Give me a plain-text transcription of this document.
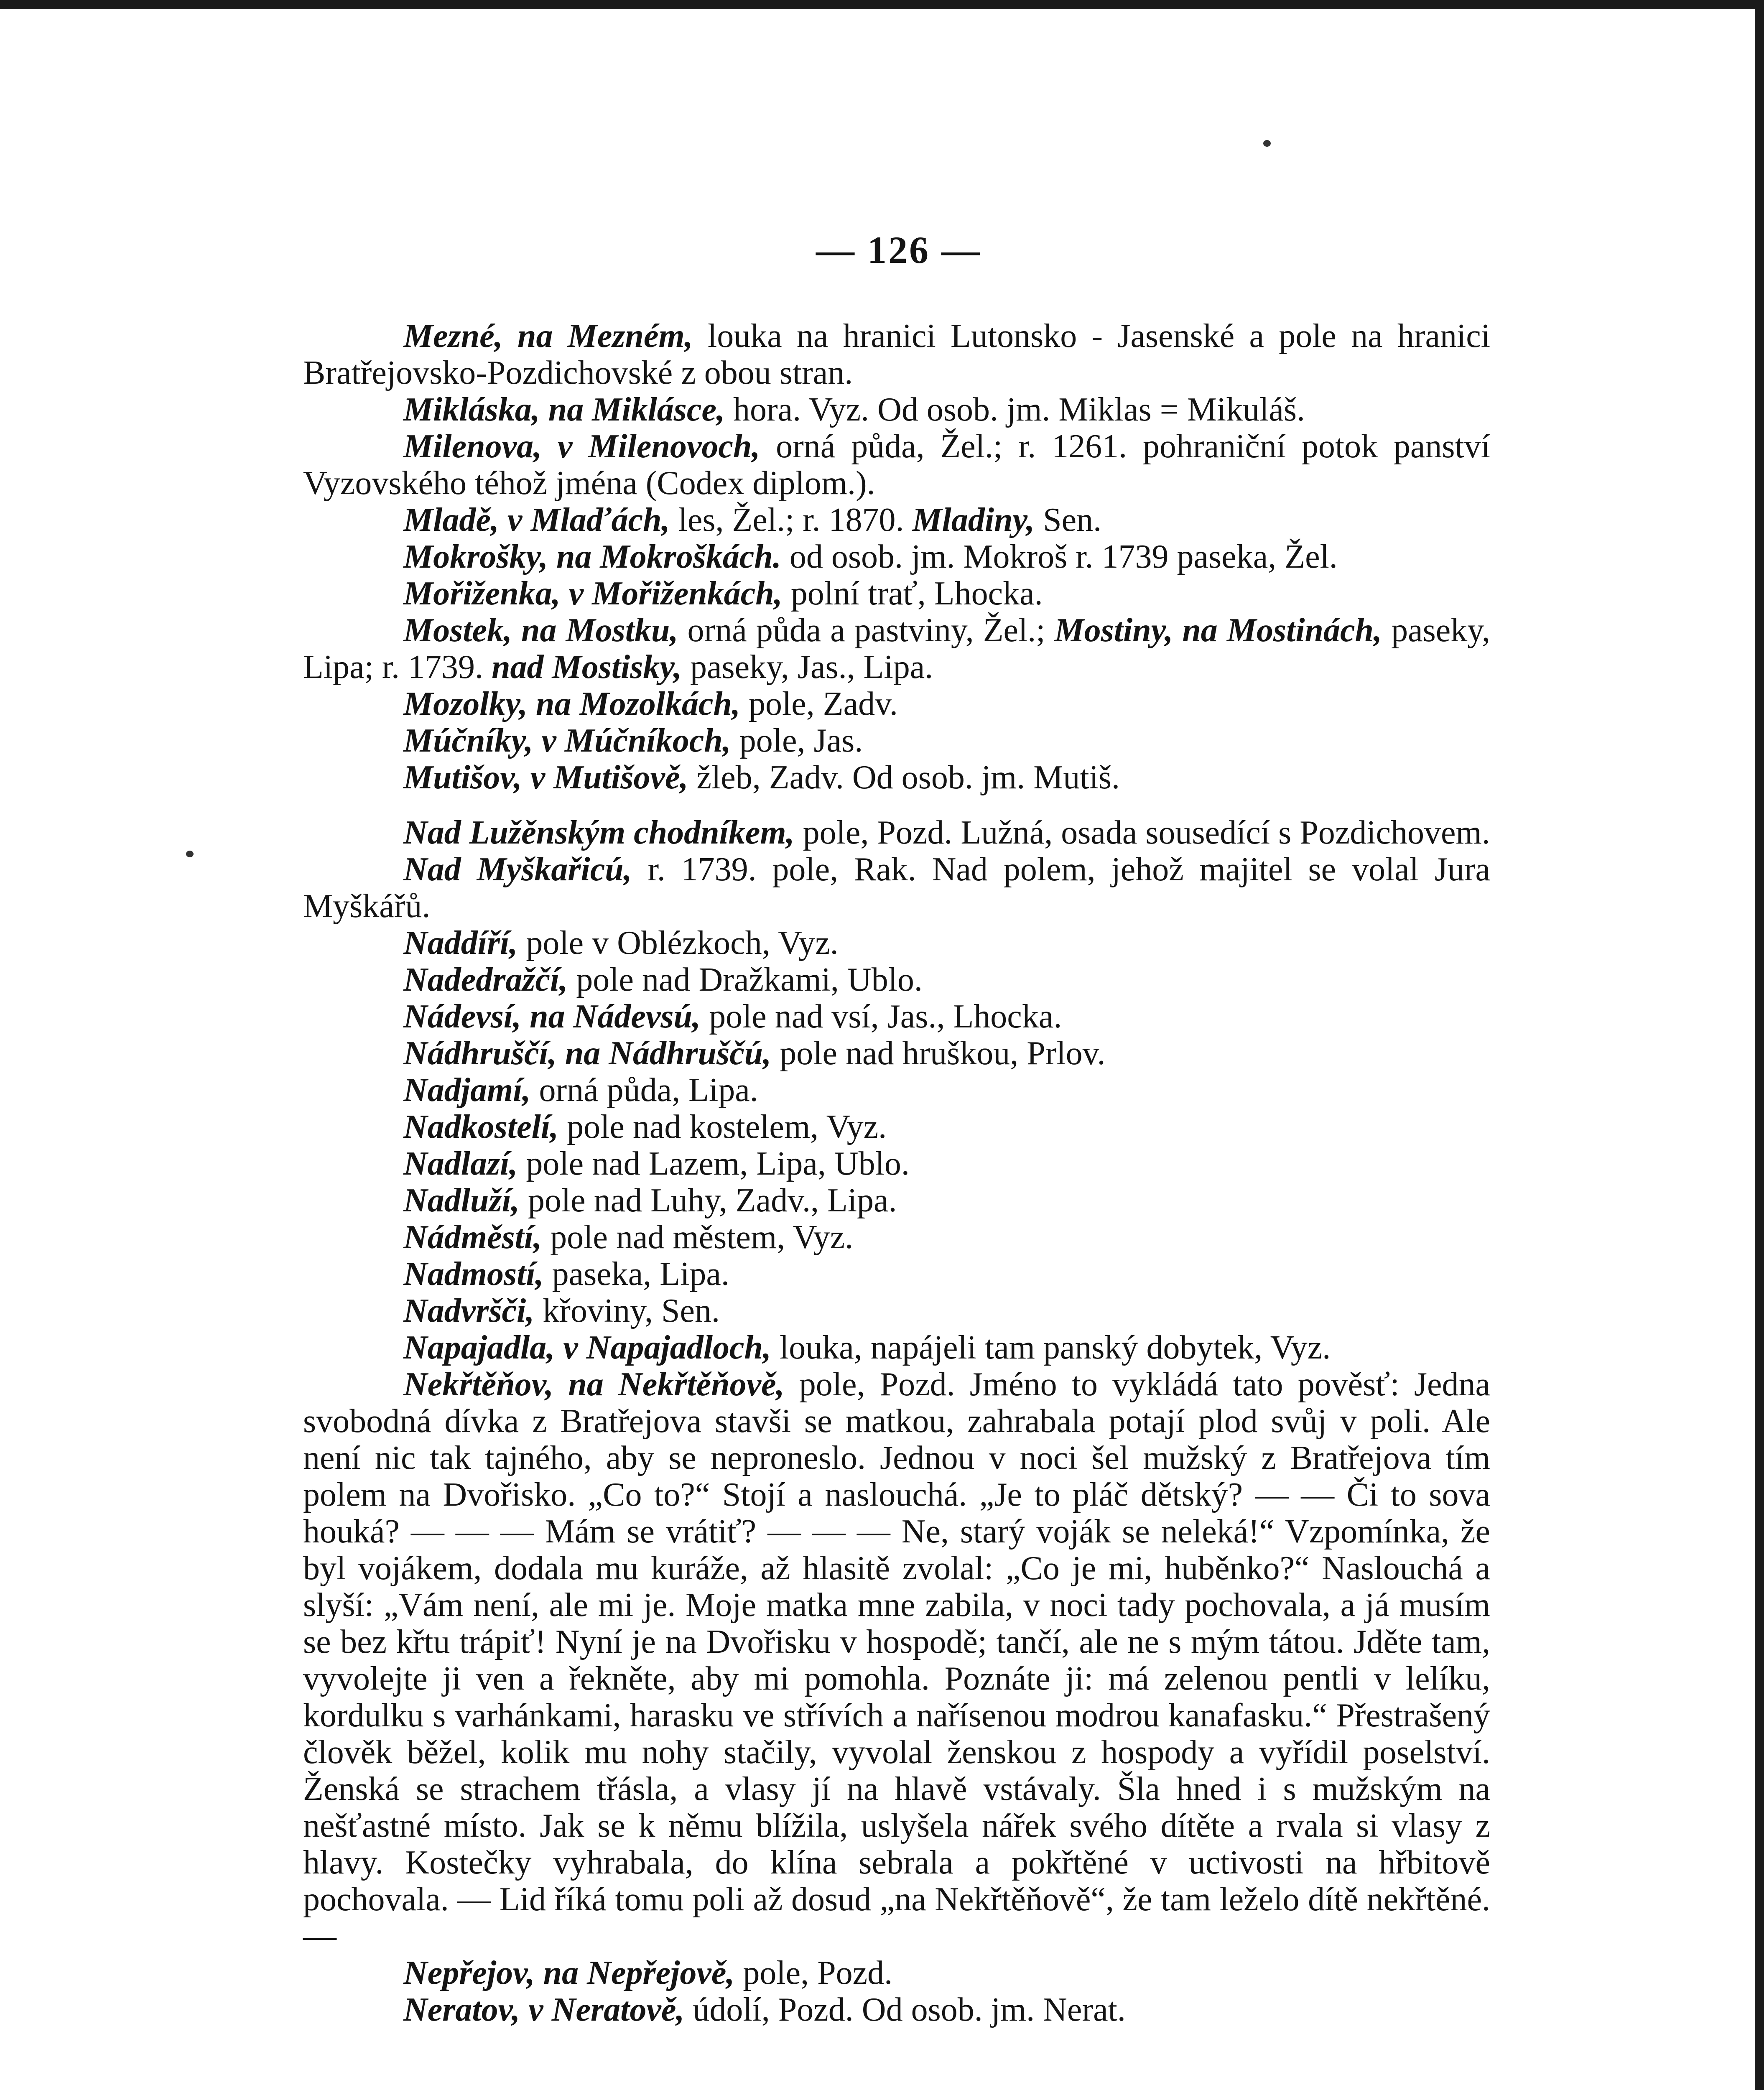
— 126 —

Mezné, na Mezném, louka na hranici Lutonsko - Jasenské a pole na hranici Bratřejovsko-Pozdichovské z obou stran.

Mikláska, na Miklásce, hora. Vyz. Od osob. jm. Miklas = Mikuláš.

Milenova, v Milenovoch, orná půda, Žel.; r. 1261. pohraniční potok panství Vyzovského téhož jména (Codex diplom.).

Mladě, v Mlaďách, les, Žel.; r. 1870. Mladiny, Sen.

Mokrošky, na Mokroškách. od osob. jm. Mokroš r. 1739 paseka, Žel.

Mořiženka, v Mořiženkách, polní trať, Lhocka.

Mostek, na Mostku, orná půda a pastviny, Žel.; Mostiny, na Mostinách, paseky, Lipa; r. 1739. nad Mostisky, paseky, Jas., Lipa.

Mozolky, na Mozolkách, pole, Zadv.

Múčníky, v Múčníkoch, pole, Jas.

Mutišov, v Mutišově, žleb, Zadv. Od osob. jm. Mutiš.

Nad Lužěnským chodníkem, pole, Pozd. Lužná, osada sousedící s Pozdichovem.

Nad Myškařicú, r. 1739. pole, Rak. Nad polem, jehož majitel se volal Jura Myškářů.

Naddíří, pole v Oblézkoch, Vyz.

Nadedražčí, pole nad Dražkami, Ublo.

Nádevsí, na Nádevsú, pole nad vsí, Jas., Lhocka.

Nádhruščí, na Nádhruščú, pole nad hruškou, Prlov.

Nadjamí, orná půda, Lipa.

Nadkostelí, pole nad kostelem, Vyz.

Nadlazí, pole nad Lazem, Lipa, Ublo.

Nadluží, pole nad Luhy, Zadv., Lipa.

Nádměstí, pole nad městem, Vyz.

Nadmostí, paseka, Lipa.

Nadvršči, křoviny, Sen.

Napajadla, v Napajadloch, louka, napájeli tam panský dobytek, Vyz.

Nekřtěňov, na Nekřtěňově, pole, Pozd. Jméno to vykládá tato pověsť: Jedna svobodná dívka z Bratřejova stavši se matkou, zahrabala potají plod svůj v poli. Ale není nic tak tajného, aby se neproneslo. Jednou v noci šel mužský z Bratřejova tím polem na Dvořisko. „Co to?“ Stojí a naslouchá. „Je to pláč dětský? — — Či to sova houká? — — — Mám se vrátiť? — — — Ne, starý voják se neleká!“ Vzpomínka, že byl vojákem, dodala mu kuráže, až hlasitě zvolal: „Co je mi, huběnko?“ Naslouchá a slyší: „Vám není, ale mi je. Moje matka mne zabila, v noci tady pochovala, a já musím se bez křtu trápiť! Nyní je na Dvořisku v hospodě; tančí, ale ne s mým tátou. Jděte tam, vyvolejte ji ven a řekněte, aby mi pomohla. Poznáte ji: má zelenou pentli v lelíku, kordulku s varhánkami, harasku ve střívích a nařísenou modrou kanafasku.“ Přestrašený člověk běžel, kolik mu nohy stačily, vyvolal ženskou z hospody a vyřídil poselství. Ženská se strachem třásla, a vlasy jí na hlavě vstávaly. Šla hned i s mužským na nešťastné místo. Jak se k němu blížila, uslyšela nářek svého dítěte a rvala si vlasy z hlavy. Kostečky vyhrabala, do klína sebrala a pokřtěné v uctivosti na hřbitově pochovala. — Lid říká tomu poli až dosud „na Nekřtěňově“, že tam leželo dítě nekřtěné. —

Nepřejov, na Nepřejově, pole, Pozd.

Neratov, v Neratově, údolí, Pozd. Od osob. jm. Nerat.
